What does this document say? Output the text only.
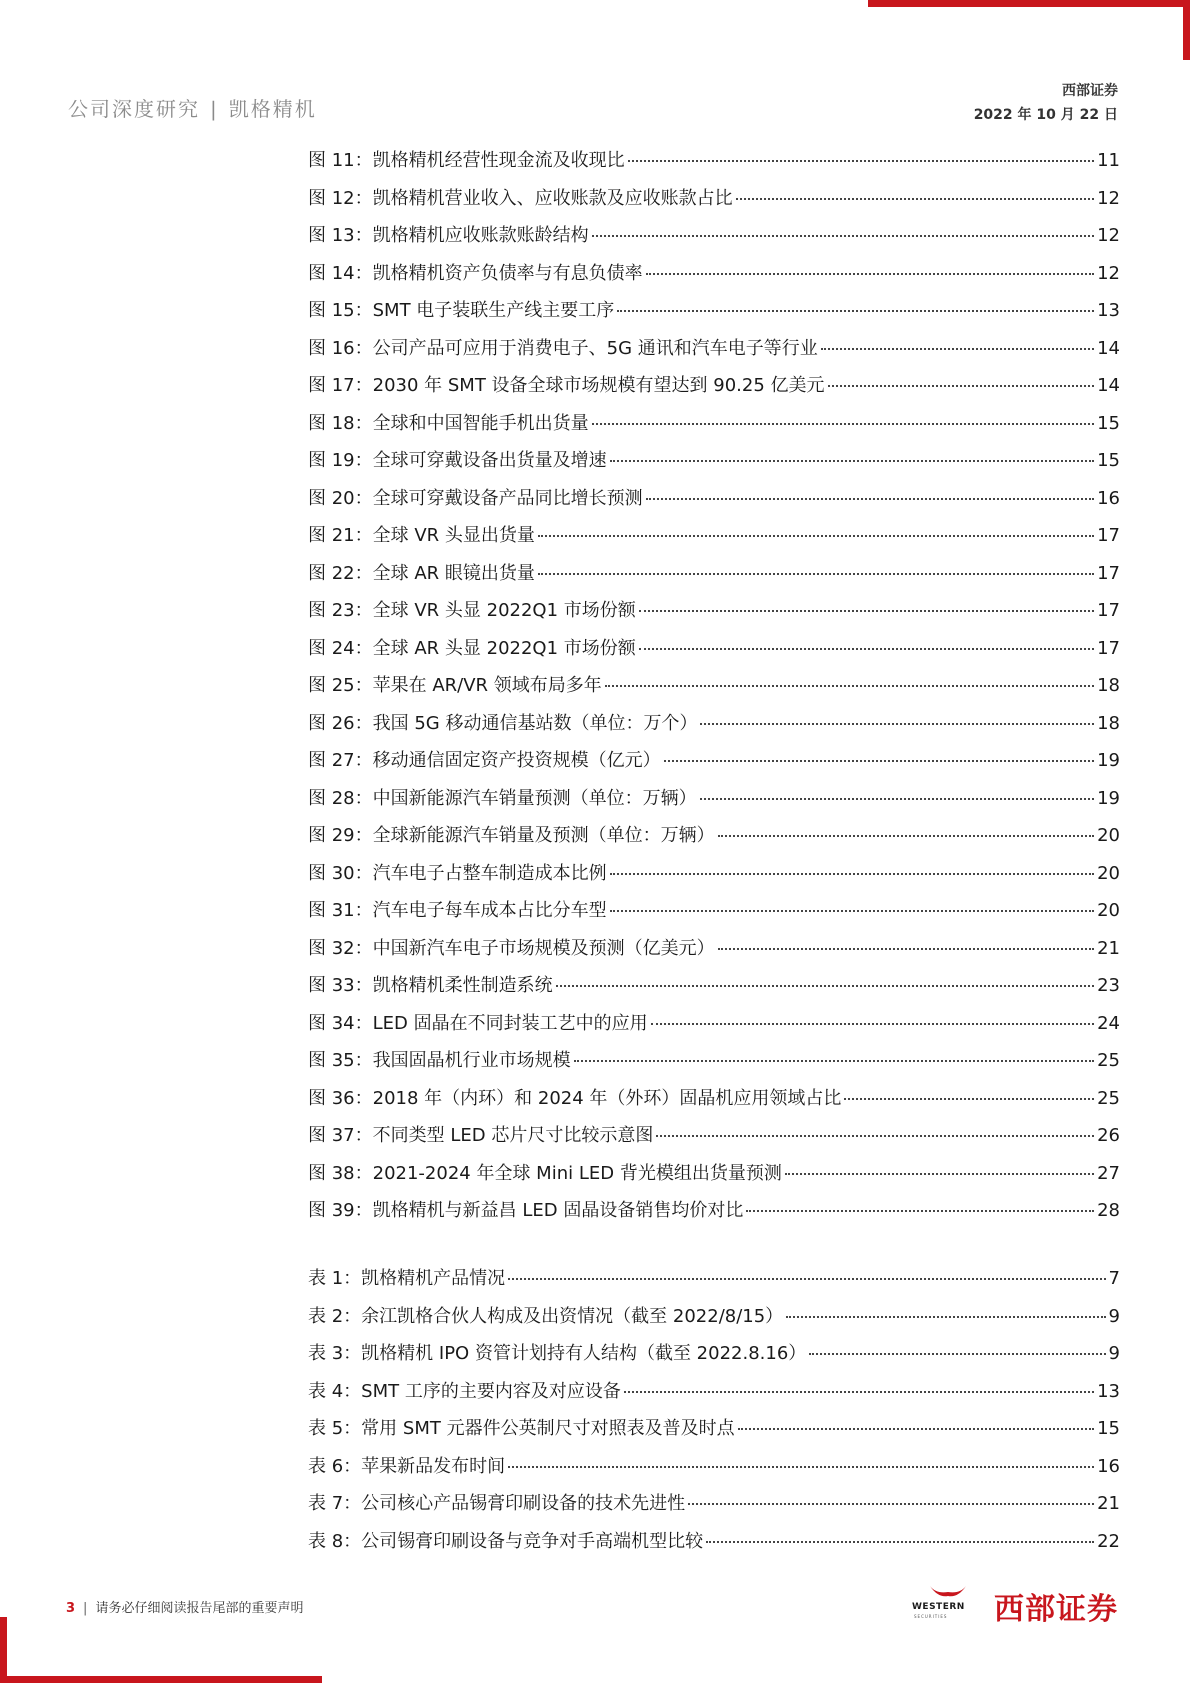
公司深度研究 | 凯格精机
西部证券
2022 年 10 月 22 日
图 11：凯格精机经营性现金流及收现比	11
图 12：凯格精机营业收入、应收账款及应收账款占比	12
图 13：凯格精机应收账款账龄结构	12
图 14：凯格精机资产负债率与有息负债率	12
图 15：SMT 电子装联生产线主要工序	13
图 16：公司产品可应用于消费电子、5G 通讯和汽车电子等行业	14
图 17：2030 年 SMT 设备全球市场规模有望达到 90.25 亿美元	14
图 18：全球和中国智能手机出货量	15
图 19：全球可穿戴设备出货量及增速	15
图 20：全球可穿戴设备产品同比增长预测	16
图 21：全球 VR 头显出货量	17
图 22：全球 AR 眼镜出货量	17
图 23：全球 VR 头显 2022Q1 市场份额	17
图 24：全球 AR 头显 2022Q1 市场份额	17
图 25：苹果在 AR/VR 领域布局多年	18
图 26：我国 5G 移动通信基站数（单位：万个）	18
图 27：移动通信固定资产投资规模（亿元）	19
图 28：中国新能源汽车销量预测（单位：万辆）	19
图 29：全球新能源汽车销量及预测（单位：万辆）	20
图 30：汽车电子占整车制造成本比例	20
图 31：汽车电子每车成本占比分车型	20
图 32：中国新汽车电子市场规模及预测（亿美元）	21
图 33：凯格精机柔性制造系统	23
图 34：LED 固晶在不同封装工艺中的应用	24
图 35：我国固晶机行业市场规模	25
图 36：2018 年（内环）和 2024 年（外环）固晶机应用领域占比	25
图 37：不同类型 LED 芯片尺寸比较示意图	26
图 38：2021-2024 年全球 Mini LED 背光模组出货量预测	27
图 39：凯格精机与新益昌 LED 固晶设备销售均价对比	28
表 1：凯格精机产品情况	7
表 2：余江凯格合伙人构成及出资情况（截至 2022/8/15）	9
表 3：凯格精机 IPO 资管计划持有人结构（截至 2022.8.16）	9
表 4：SMT 工序的主要内容及对应设备	13
表 5：常用 SMT 元器件公英制尺寸对照表及普及时点	15
表 6：苹果新品发布时间	16
表 7：公司核心产品锡膏印刷设备的技术先进性	21
表 8：公司锡膏印刷设备与竞争对手高端机型比较	22
3 | 请务必仔细阅读报告尾部的重要声明	WESTERN
SECURITIES 西部证券
